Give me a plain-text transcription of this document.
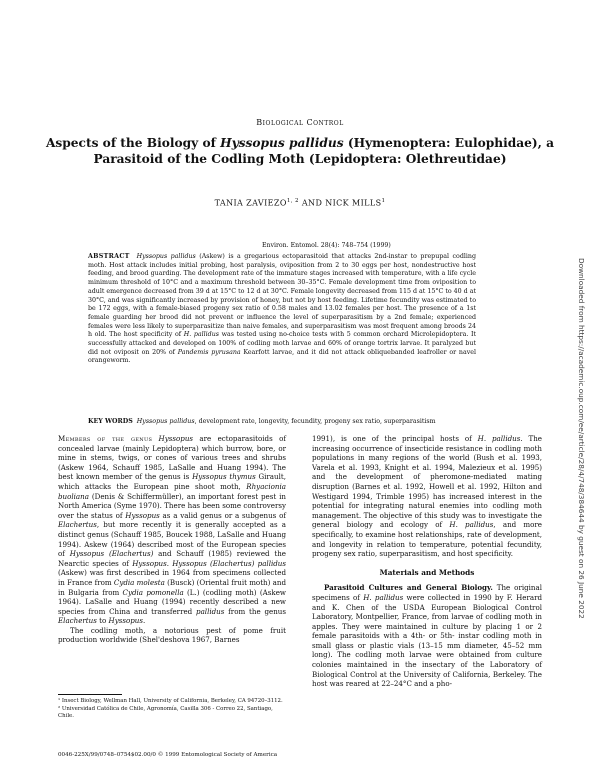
Biological Control
Aspects of the Biology of Hyssopus pallidus (Hymenoptera: Eulophidae), a Parasitoid of the Codling Moth (Lepidoptera: Olethreutidae)
TANIA ZAVIEZO$^{1, 2}$ AND NICK MILLS$^1$
Environ. Entomol. 28(4): 748–754 (1999)

ABSTRACT Hyssopus pallidus (Askew) is a gregarious ectoparasitoid that attacks 2nd-instar to prepupal codling moth. Host attack includes initial probing, host paralysis, oviposition from 2 to 30 eggs per host, nondestructive host feeding, and brood guarding. The development rate of the immature stages increased with temperature, with a life cycle minimum threshold of 10°C and a maximum threshold between 30–35°C. Female development time from oviposition to adult emergence decreased from 39 d at 15°C to 12 d at 30°C. Female longevity decreased from 115 d at 15°C to 40 d at 30°C, and was significantly increased by provision of honey, but not by host feeding. Lifetime fecundity was estimated to be 172 eggs, with a female-biased progeny sex ratio of 0.58 males and 13.02 females per host. The presence of a 1st female guarding her brood did not prevent or influence the level of superparasitism by a 2nd female; experienced females were less likely to superparasitize than naive females, and superparasitism was most frequent among broods 24 h old. The host specificity of H. pallidus was tested using no-choice tests with 5 common orchard Microlepidoptera. It successfully attacked and developed on 100% of codling moth larvae and 60% of orange tortrix larvae. It paralyzed but did not oviposit on 20% of Pandemis pyrusana Kearfott larvae, and it did not attack obliquebanded leafroller or navel orangeworm.

KEY WORDS Hyssopus pallidus, development rate, longevity, fecundity, progeny sex ratio, superparasitism

Members of the genus Hyssopus are ectoparasitoids of concealed larvae (mainly Lepidoptera) which burrow, bore, or mine in stems, twigs, or cones of various trees and shrubs (Askew 1964, Schauff 1985, LaSalle and Huang 1994). The best known member of the genus is Hyssopus thymus Girault, which attacks the European pine shoot moth, Rhyacionia buoliana (Denis & Schiffermüller), an important forest pest in North America (Syme 1970). There has been some controversy over the status of Hyssopus as a valid genus or a subgenus of Elachertus, but more recently it is generally accepted as a distinct genus (Schauff 1985, Boucek 1988, LaSalle and Huang 1994). Askew (1964) described most of the European species of Hyssopus (Elachertus) and Schauff (1985) reviewed the Nearctic species of Hyssopus. Hyssopus (Elachertus) pallidus (Askew) was first described in 1964 from specimens collected in France from Cydia molesta (Busck) (Oriental fruit moth) and in Bulgaria from Cydia pomonella (L.) (codling moth) (Askew 1964). LaSalle and Huang (1994) recently described a new species from China and transferred pallidus from the genus Elachertus to Hyssopus.

The codling moth, a notorious pest of pome fruit production worldwide (Shel'deshova 1967, Barnes

¹ Insect Biology, Wellman Hall, University of California, Berkeley, CA 94720–3112.

² Universidad Católica de Chile, Agronomía, Casilla 306 - Correo 22, Santiago, Chile.

0046-225X/99/0748–0754$02.00/0 © 1999 Entomological Society of America

1991), is one of the principal hosts of H. pallidus. The increasing occurrence of insecticide resistance in codling moth populations in many regions of the world (Bush et al. 1993, Varela et al. 1993, Knight et al. 1994, Malezieux et al. 1995) and the development of pheromone-mediated mating disruption (Barnes et al. 1992, Howell et al. 1992, Hilton and Westigard 1994, Trimble 1995) has increased interest in the potential for integrating natural enemies into codling moth management. The objective of this study was to investigate the general biology and ecology of H. pallidus, and more specifically, to examine host relationships, rate of development, and longevity in relation to temperature, potential fecundity, progeny sex ratio, superparasitism, and host specificity.

Materials and Methods

Parasitoid Cultures and General Biology. The original specimens of H. pallidus were collected in 1990 by F. Herard and K. Chen of the USDA European Biological Control Laboratory, Montpellier, France, from larvae of codling moth in apples. They were maintained in culture by placing 1 or 2 female parasitoids with a 4th- or 5th- instar codling moth in small glass or plastic vials (13–15 mm diameter, 45–52 mm long). The codling moth larvae were obtained from culture colonies maintained in the insectary of the Laboratory of Biological Control at the University of California, Berkeley. The host was reared at 22–24°C and a pho-

Downloaded from https://academic.oup.com/ee/article/28/4/748/384644 by guest on 26 June 2022
